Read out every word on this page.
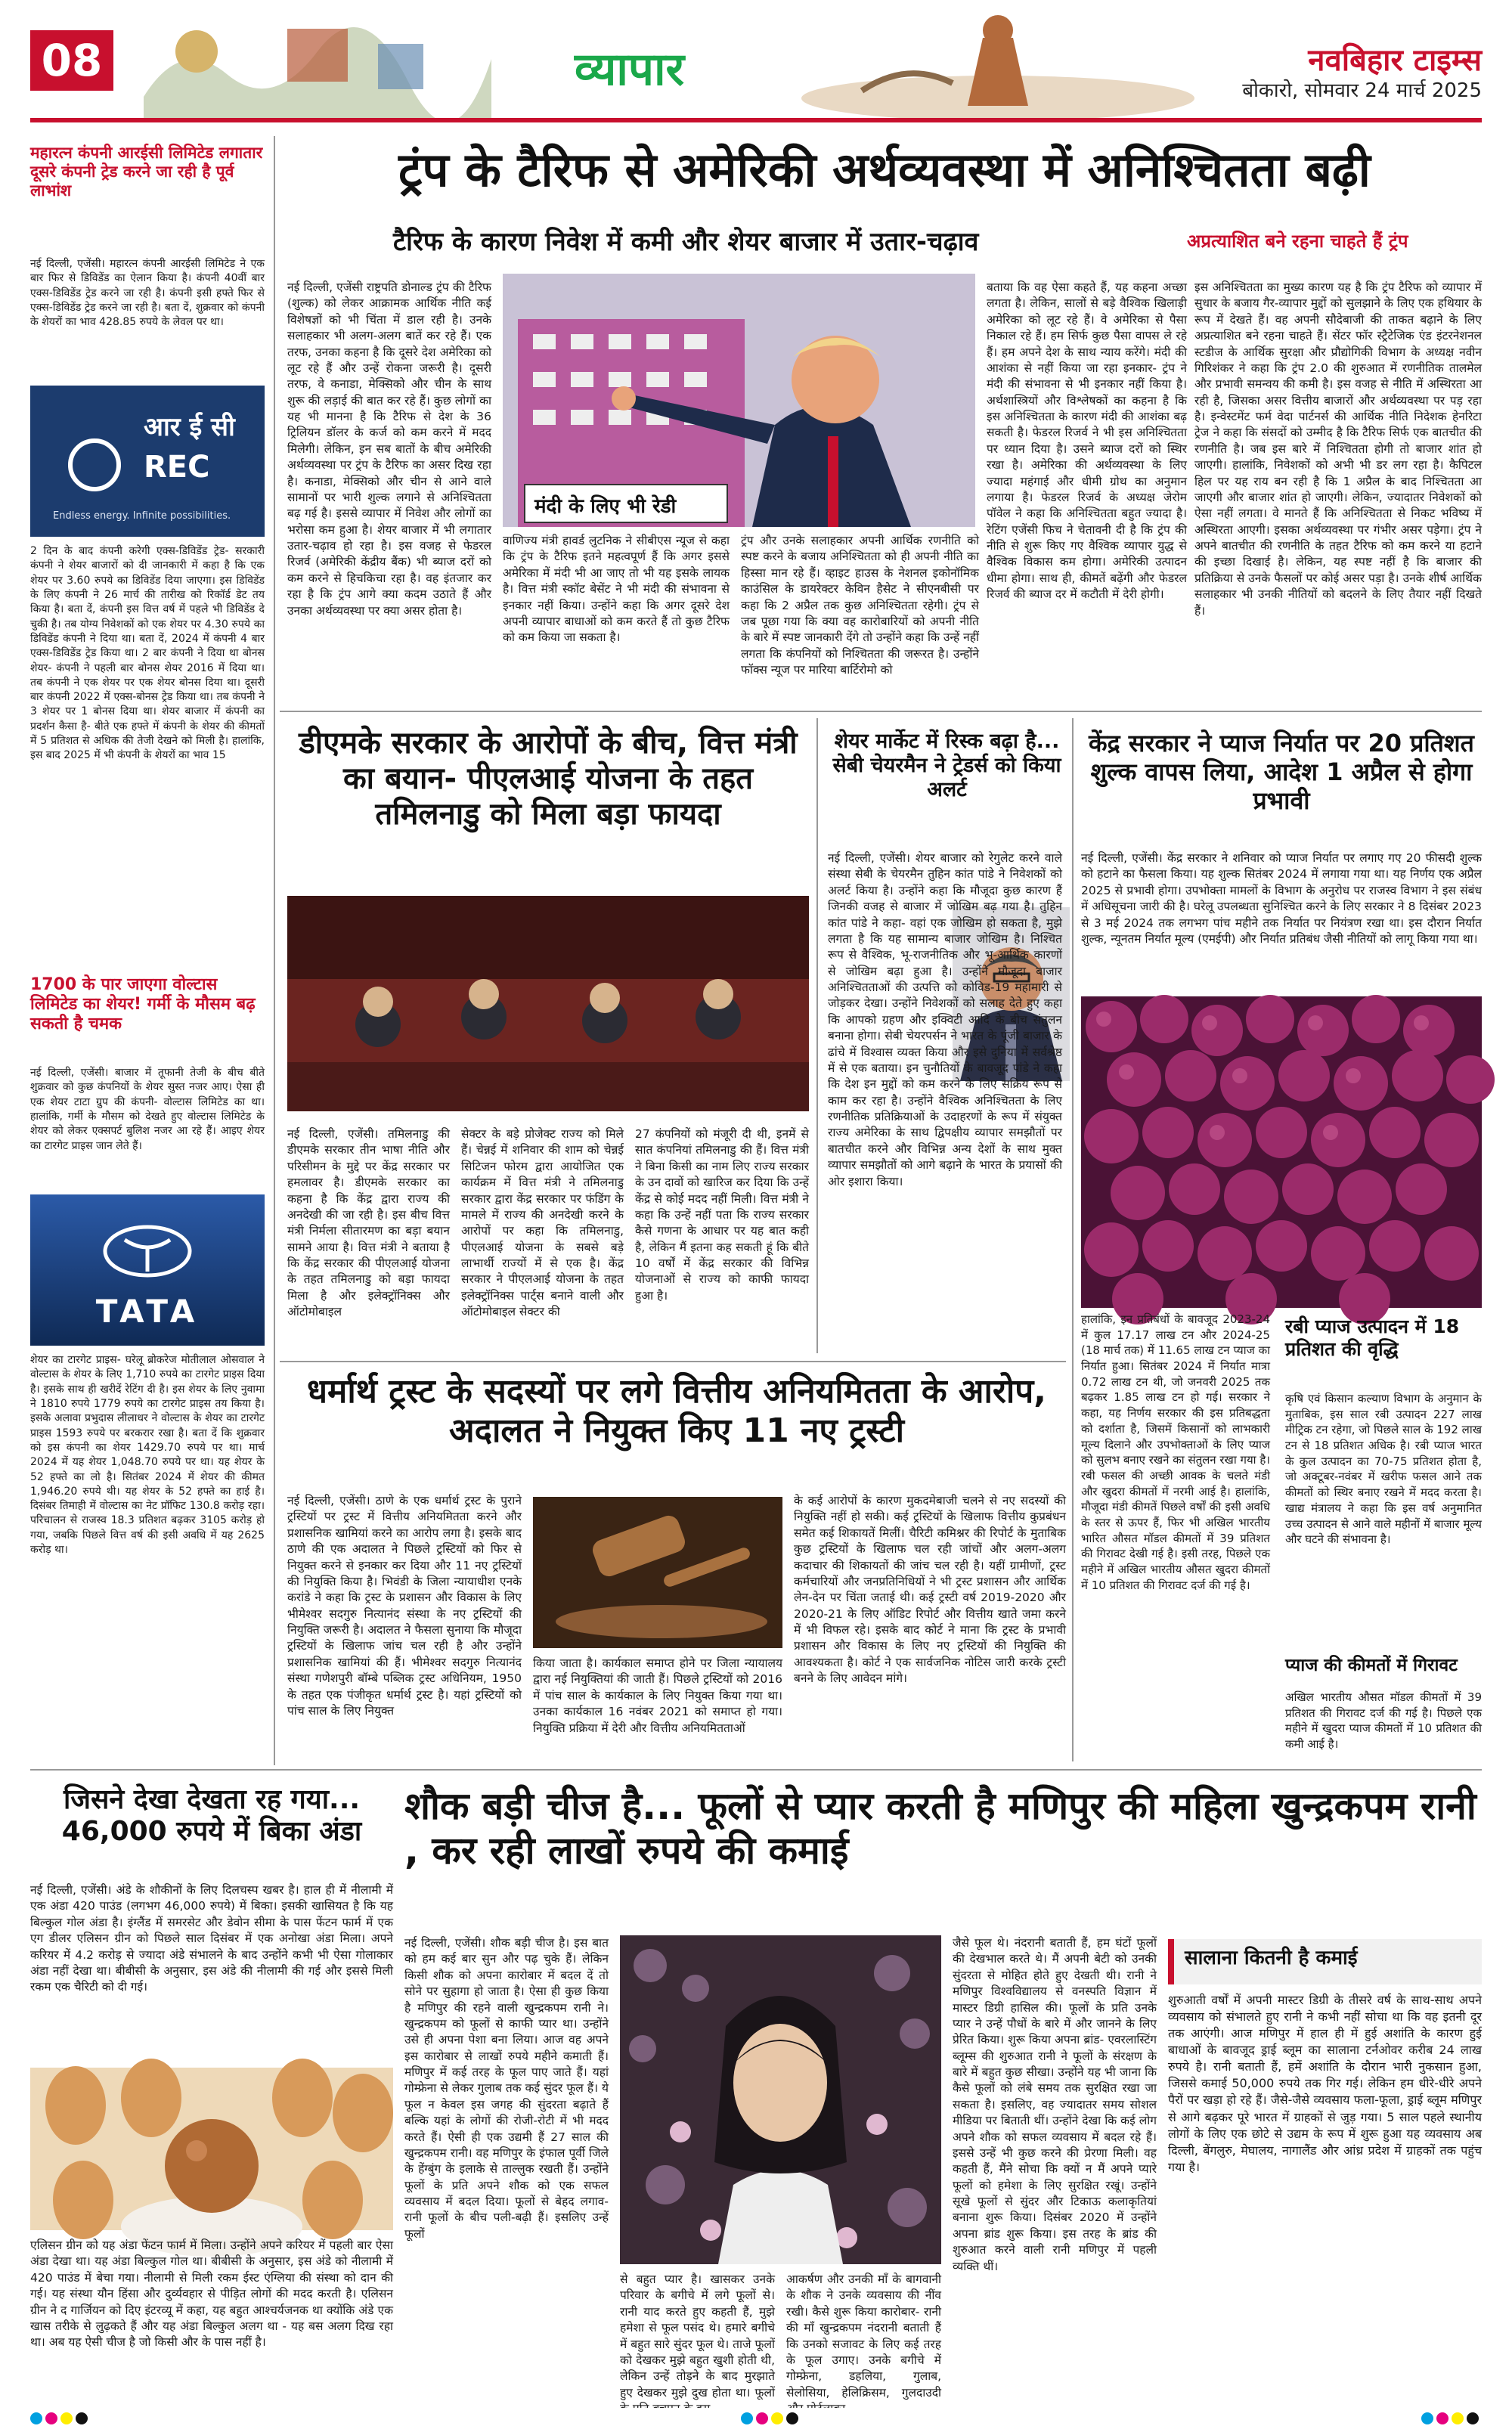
08	व्यापार	नवबिहार टाइम्स
बोकारो, सोमवार 24 मार्च 2025
महारत्न कंपनी आरईसी लिमिटेड लगातार दूसरे कंपनी ट्रेड करने जा रही है पूर्व लाभांश
नई दिल्ली, एजेंसी। महारत्न कंपनी आरईसी लिमिटेड ने एक बार फिर से डिविडेंड का ऐलान किया है। कंपनी 40वीं बार एक्स-डिविडेंड ट्रेड करने जा रही है। कंपनी इसी हफ्ते फिर से एक्स-डिविडेंड ट्रेड करने जा रही है। बता दें, शुक्रवार को कंपनी के शेयरों का भाव 428.85 रुपये के लेवल पर था।
आर ई सी
REC
Endless energy. Infinite possibilities.
2 दिन के बाद कंपनी करेगी एक्स-डिविडेंड ट्रेड- सरकारी कंपनी ने शेयर बाजारों को दी जानकारी में कहा है कि एक शेयर पर 3.60 रुपये का डिविडेंड दिया जाएगा। इस डिविडेंड के लिए कंपनी ने 26 मार्च की तारीख को रिकॉर्ड डेट तय किया है। बता दें, कंपनी इस वित्त वर्ष में पहले भी डिविडेंड दे चुकी है। तब योग्य निवेशकों को एक शेयर पर 4.30 रुपये का डिविडेंड कंपनी ने दिया था। बता दें, 2024 में कंपनी 4 बार एक्स-डिविडेंड ट्रेड किया था। 2 बार कंपनी ने दिया था बोनस शेयर- कंपनी ने पहली बार बोनस शेयर 2016 में दिया था। तब कंपनी ने एक शेयर पर एक शेयर बोनस दिया था। दूसरी बार कंपनी 2022 में एक्स-बोनस ट्रेड किया था। तब कंपनी ने 3 शेयर पर 1 बोनस दिया था। शेयर बाजार में कंपनी का प्रदर्शन कैसा है- बीते एक हफ्ते में कंपनी के शेयर की कीमतों में 5 प्रतिशत से अधिक की तेजी देखने को मिली है। हालांकि, इस बाद 2025 में भी कंपनी के शेयरों का भाव 15
1700 के पार जाएगा वोल्टास लिमिटेड का शेयर! गर्मी के मौसम बढ़ सकती है चमक
नई दिल्ली, एजेंसी। बाजार में तूफानी तेजी के बीच बीते शुक्रवार को कुछ कंपनियों के शेयर सुस्त नजर आए। ऐसा ही एक शेयर टाटा ग्रुप की कंपनी- वोल्टास लिमिटेड का था। हालांकि, गर्मी के मौसम को देखते हुए वोल्टास लिमिटेड के शेयर को लेकर एक्सपर्ट बुलिश नजर आ रहे हैं। आइए शेयर का टारगेट प्राइस जान लेते हैं।
TATA
शेयर का टारगेट प्राइस- घरेलू ब्रोकरेज मोतीलाल ओसवाल ने वोल्टास के शेयर के लिए 1,710 रुपये का टारगेट प्राइस दिया है। इसके साथ ही खरीदें रेटिंग दी है। इस शेयर के लिए नुवामा ने 1810 रुपये 1779 रुपये का टारगेट प्राइस तय किया है। इसके अलावा प्रभुदास लीलाधर ने वोल्टास के शेयर का टारगेट प्राइस 1593 रुपये पर बरकरार रखा है। बता दें कि शुक्रवार को इस कंपनी का शेयर 1429.70 रुपये पर था। मार्च 2024 में यह शेयर 1,048.70 रुपये पर था। यह शेयर के 52 हफ्ते का लो है। सितंबर 2024 में शेयर की कीमत 1,946.20 रुपये थी। यह शेयर के 52 हफ्ते का हाई है। दिसंबर तिमाही में वोल्टास का नेट प्रॉफिट 130.8 करोड़ रहा। परिचालन से राजस्व 18.3 प्रतिशत बढ़कर 3105 करोड़ हो गया, जबकि पिछले वित्त वर्ष की इसी अवधि में यह 2625 करोड़ था।
ट्रंप के टैरिफ से अमेरिकी अर्थव्यवस्था में अनिश्चितता बढ़ी
टैरिफ के कारण निवेश में कमी और शेयर बाजार में उतार-चढ़ाव	अप्रत्याशित बने रहना चाहते हैं ट्रंप
नई दिल्ली, एजेंसी राष्ट्रपति डोनाल्ड ट्रंप की टैरिफ (शुल्क) को लेकर आक्रामक आर्थिक नीति कई विशेषज्ञों को भी चिंता में डाल रही है। उनके सलाहकार भी अलग-अलग बातें कर रहे हैं। एक तरफ, उनका कहना है कि दूसरे देश अमेरिका को लूट रहे हैं और उन्हें रोकना जरूरी है। दूसरी तरफ, वे कनाडा, मेक्सिको और चीन के साथ शुरू की लड़ाई की बात कर रहे हैं। कुछ लोगों का यह भी मानना है कि टैरिफ से देश के 36 ट्रिलियन डॉलर के कर्ज को कम करने में मदद मिलेगी। लेकिन, इन सब बातों के बीच अमेरिकी अर्थव्यवस्था पर ट्रंप के टैरिफ का असर दिख रहा है। कनाडा, मेक्सिको और चीन से आने वाले सामानों पर भारी शुल्क लगाने से अनिश्चितता बढ़ गई है। इससे व्यापार में निवेश और लोगों का भरोसा कम हुआ है। शेयर बाजार में भी लगातार उतार-चढ़ाव हो रहा है। इस वजह से फेडरल रिजर्व (अमेरिकी केंद्रीय बैंक) भी ब्याज दरों को कम करने से हिचकिचा रहा है। वह इंतजार कर रहा है कि ट्रंप आगे क्या कदम उठाते हैं और उनका अर्थव्यवस्था पर क्या असर होता है।
मंदी के लिए भी रेडी
वाणिज्य मंत्री हावर्ड लुटनिक ने सीबीएस न्यूज से कहा कि ट्रंप के टैरिफ इतने महत्वपूर्ण हैं कि अगर इससे अमेरिका में मंदी भी आ जाए तो भी यह इसके लायक है। वित्त मंत्री स्कॉट बेसेंट ने भी मंदी की संभावना से इनकार नहीं किया। उन्होंने कहा कि अगर दूसरे देश अपनी व्यापार बाधाओं को कम करते हैं तो कुछ टैरिफ को कम किया जा सकता है।
ट्रंप और उनके सलाहकार अपनी आर्थिक रणनीति को स्पष्ट करने के बजाय अनिश्चितता को ही अपनी नीति का हिस्सा मान रहे हैं। व्हाइट हाउस के नेशनल इकोनॉमिक काउंसिल के डायरेक्टर केविन हैसेट ने सीएनबीसी पर कहा कि 2 अप्रैल तक कुछ अनिश्चितता रहेगी। ट्रंप से जब पूछा गया कि क्या वह कारोबारियों को अपनी नीति के बारे में स्पष्ट जानकारी देंगे तो उन्होंने कहा कि उन्हें नहीं लगता कि कंपनियों को निश्चितता की जरूरत है। उन्होंने फॉक्स न्यूज पर मारिया बार्टिरोमो को
बताया कि वह ऐसा कहते हैं, यह कहना अच्छा लगता है। लेकिन, सालों से बड़े वैश्विक खिलाड़ी अमेरिका को लूट रहे हैं। वे अमेरिका से पैसा निकाल रहे हैं। हम सिर्फ कुछ पैसा वापस ले रहे हैं। हम अपने देश के साथ न्याय करेंगे। मंदी की आशंका से नहीं किया जा रहा इनकार- ट्रंप ने मंदी की संभावना से भी इनकार नहीं किया है। अर्थशास्त्रियों और विश्लेषकों का कहना है कि इस अनिश्चितता के कारण मंदी की आशंका बढ़ सकती है। फेडरल रिजर्व ने भी इस अनिश्चितता पर ध्यान दिया है। उसने ब्याज दरों को स्थिर रखा है। अमेरिका की अर्थव्यवस्था के लिए ज्यादा महंगाई और धीमी ग्रोथ का अनुमान लगाया है। फेडरल रिजर्व के अध्यक्ष जेरोम पॉवेल ने कहा कि अनिश्चितता बहुत ज्यादा है। रेटिंग एजेंसी फिच ने चेतावनी दी है कि ट्रंप की नीति से शुरू किए गए वैश्विक व्यापार युद्ध से वैश्विक विकास कम होगा। अमेरिकी उत्पादन धीमा होगा। साथ ही, कीमतें बढ़ेंगी और फेडरल रिजर्व की ब्याज दर में कटौती में देरी होगी।
इस अनिश्चितता का मुख्य कारण यह है कि ट्रंप टैरिफ को व्यापार में सुधार के बजाय गैर-व्यापार मुद्दों को सुलझाने के लिए एक हथियार के रूप में देखते हैं। वह अपनी सौदेबाजी की ताकत बढ़ाने के लिए अप्रत्याशित बने रहना चाहते हैं। सेंटर फॉर स्ट्रैटेजिक एंड इंटरनेशनल स्टडीज के आर्थिक सुरक्षा और प्रौद्योगिकी विभाग के अध्यक्ष नवीन गिरिशंकर ने कहा कि ट्रंप 2.0 की शुरुआत में रणनीतिक तालमेल और प्रभावी समन्वय की कमी है। इस वजह से नीति में अस्थिरता आ रही है, जिसका असर वित्तीय बाजारों और अर्थव्यवस्था पर पड़ रहा है। इन्वेस्टमेंट फर्म वेदा पार्टनर्स की आर्थिक नीति निदेशक हेनरिटा ट्रेज ने कहा कि संसदों को उम्मीद है कि टैरिफ सिर्फ एक बातचीत की रणनीति है। जब इस बारे में निश्चितता होगी तो बाजार शांत हो जाएगी। हालांकि, निवेशकों को अभी भी डर लग रहा है। कैपिटल हिल पर यह राय बन रही है कि 1 अप्रैल के बाद निश्चितता आ जाएगी और बाजार शांत हो जाएगी। लेकिन, ज्यादातर निवेशकों को ऐसा नहीं लगता। वे मानते हैं कि अनिश्चितता से निकट भविष्य में अस्थिरता आएगी। इसका अर्थव्यवस्था पर गंभीर असर पड़ेगा। ट्रंप ने अपने बातचीत की रणनीति के तहत टैरिफ को कम करने या हटाने की इच्छा दिखाई है। लेकिन, यह स्पष्ट नहीं है कि बाजार की प्रतिक्रिया से उनके फैसलों पर कोई असर पड़ा है। उनके शीर्ष आर्थिक सलाहकार भी उनकी नीतियों को बदलने के लिए तैयार नहीं दिखते हैं।
डीएमके सरकार के आरोपों के बीच, वित्त मंत्री का बयान- पीएलआई योजना के तहत तमिलनाडु को मिला बड़ा फायदा
नई दिल्ली, एजेंसी। तमिलनाडु की डीएमके सरकार तीन भाषा नीति और परिसीमन के मुद्दे पर केंद्र सरकार पर हमलावर है। डीएमके सरकार का कहना है कि केंद्र द्वारा राज्य की अनदेखी की जा रही है। इस बीच वित्त मंत्री निर्मला सीतारमण का बड़ा बयान सामने आया है। वित्त मंत्री ने बताया है कि केंद्र सरकार की पीएलआई योजना के तहत तमिलनाडु को बड़ा फायदा मिला है और इलेक्ट्रॉनिक्स और ऑटोमोबाइल
सेक्टर के बड़े प्रोजेक्ट राज्य को मिले हैं। चेन्नई में शनिवार की शाम को चेन्नई सिटिजन फोरम द्वारा आयोजित एक कार्यक्रम में वित्त मंत्री ने तमिलनाडु सरकार द्वारा केंद्र सरकार पर फंडिंग के मामले में राज्य की अनदेखी करने के आरोपों पर कहा कि तमिलनाडु, पीएलआई योजना के सबसे बड़े लाभार्थी राज्यों में से एक है। केंद्र सरकार ने पीएलआई योजना के तहत इलेक्ट्रॉनिक्स पार्ट्स बनाने वाली और ऑटोमोबाइल सेक्टर की
27 कंपनियों को मंजूरी दी थी, इनमें से सात कंपनियां तमिलनाडु की हैं। वित्त मंत्री ने बिना किसी का नाम लिए राज्य सरकार के उन दावों को खारिज कर दिया कि उन्हें केंद्र से कोई मदद नहीं मिली। वित्त मंत्री ने कहा कि उन्हें नहीं पता कि राज्य सरकार कैसे गणना के आधार पर यह बात कही है, लेकिन मैं इतना कह सकती हूं कि बीते 10 वर्षों में केंद्र सरकार की विभिन्न योजनाओं से राज्य को काफी फायदा हुआ है।
शेयर मार्केट में रिस्क बढ़ा है... सेबी चेयरमैन ने ट्रेडर्स को किया अलर्ट
नई दिल्ली, एजेंसी। शेयर बाजार को रेगुलेट करने वाले संस्था सेबी के चेयरमैन तुहिन कांत पांडे ने निवेशकों को अलर्ट किया है। उन्होंने कहा कि मौजूदा कुछ कारण हैं जिनकी वजह से बाजार में जोखिम बढ़ गया है। तुहिन कांत पांडे ने कहा- वहां एक जोखिम हो सकता है, मुझे लगता है कि यह सामान्य बाजार जोखिम है। निश्चित रूप से वैश्विक, भू-राजनीतिक और भू-आर्थिक कारणों से जोखिम बढ़ा हुआ है। उन्होंने मौजूदा बाजार अनिश्चितताओं की उत्पत्ति को कोविड-19 महामारी से जोड़कर देखा। उन्होंने निवेशकों को सलाह देते हुए कहा कि आपको ग्रहण और इक्विटी आदि के बीच संतुलन बनाना होगा। सेबी चेयरपर्सन ने भारत के पूंजी बाजार के ढांचे में विश्वास व्यक्त किया और इसे दुनिया में सर्वश्रेष्ठ में से एक बताया। इन चुनौतियों के बावजूद पांडे ने कहा कि देश इन मुद्दों को कम करने के लिए सक्रिय रूप से काम कर रहा है। उन्होंने वैश्विक अनिश्चितता के लिए रणनीतिक प्रतिक्रियाओं के उदाहरणों के रूप में संयुक्त राज्य अमेरिका के साथ द्विपक्षीय व्यापार समझौतों पर बातचीत करने और विभिन्न अन्य देशों के साथ मुक्त व्यापार समझौतों को आगे बढ़ाने के भारत के प्रयासों की ओर इशारा किया।
केंद्र सरकार ने प्याज निर्यात पर 20 प्रतिशत शुल्क वापस लिया, आदेश 1 अप्रैल से होगा प्रभावी
नई दिल्ली, एजेंसी। केंद्र सरकार ने शनिवार को प्याज निर्यात पर लगाए गए 20 फीसदी शुल्क को हटाने का फैसला किया। यह शुल्क सितंबर 2024 में लगाया गया था। यह निर्णय एक अप्रैल 2025 से प्रभावी होगा। उपभोक्ता मामलों के विभाग के अनुरोध पर राजस्व विभाग ने इस संबंध में अधिसूचना जारी की है। घरेलू उपलब्धता सुनिश्चित करने के लिए सरकार ने 8 दिसंबर 2023 से 3 मई 2024 तक लगभग पांच महीने तक निर्यात पर नियंत्रण रखा था। इस दौरान निर्यात शुल्क, न्यूनतम निर्यात मूल्य (एमईपी) और निर्यात प्रतिबंध जैसी नीतियों को लागू किया गया था।
हालांकि, इन प्रतिबंधों के बावजूद 2023-24 में कुल 17.17 लाख टन और 2024-25 (18 मार्च तक) में 11.65 लाख टन प्याज का निर्यात हुआ। सितंबर 2024 में निर्यात मात्रा 0.72 लाख टन थी, जो जनवरी 2025 तक बढ़कर 1.85 लाख टन हो गई। सरकार ने कहा, यह निर्णय सरकार की इस प्रतिबद्धता को दर्शाता है, जिसमें किसानों को लाभकारी मूल्य दिलाने और उपभोक्ताओं के लिए प्याज को सुलभ बनाए रखने का संतुलन रखा गया है। रबी फसल की अच्छी आवक के चलते मंडी और खुदरा कीमतों में नरमी आई है। हालांकि, मौजूदा मंडी कीमतें पिछले वर्षों की इसी अवधि के स्तर से ऊपर हैं, फिर भी अखिल भारतीय भारित औसत मॉडल कीमतों में 39 प्रतिशत की गिरावट देखी गई है। इसी तरह, पिछले एक महीने में अखिल भारतीय औसत खुदरा कीमतों में 10 प्रतिशत की गिरावट दर्ज की गई है।
रबी प्याज उत्पादन में 18 प्रतिशत की वृद्धि
कृषि एवं किसान कल्याण विभाग के अनुमान के मुताबिक, इस साल रबी उत्पादन 227 लाख मीट्रिक टन रहेगा, जो पिछले साल के 192 लाख टन से 18 प्रतिशत अधिक है। रबी प्याज भारत के कुल उत्पादन का 70-75 प्रतिशत होता है, जो अक्टूबर-नवंबर में खरीफ फसल आने तक कीमतों को स्थिर बनाए रखने में मदद करता है। खाद्य मंत्रालय ने कहा कि इस वर्ष अनुमानित उच्च उत्पादन से आने वाले महीनों में बाजार मूल्य और घटने की संभावना है।
प्याज की कीमतों में गिरावट
अखिल भारतीय औसत मॉडल कीमतों में 39 प्रतिशत की गिरावट दर्ज की गई है। पिछले एक महीने में खुदरा प्याज कीमतों में 10 प्रतिशत की कमी आई है।
धर्मार्थ ट्रस्ट के सदस्यों पर लगे वित्तीय अनियमितता के आरोप, अदालत ने नियुक्त किए 11 नए ट्रस्टी
नई दिल्ली, एजेंसी। ठाणे के एक धर्मार्थ ट्रस्ट के पुराने ट्रस्टियों पर ट्रस्ट में वित्तीय अनियमितता करने और प्रशासनिक खामियां करने का आरोप लगा है। इसके बाद ठाणे की एक अदालत ने पिछले ट्रस्टियों को फिर से नियुक्त करने से इनकार कर दिया और 11 नए ट्रस्टियों की नियुक्ति किया है। भिवंडी के जिला न्यायाधीश एनके करांडे ने कहा कि ट्रस्ट के प्रशासन और विकास के लिए भीमेश्वर सदगुरु नित्यानंद संस्था के नए ट्रस्टियों की नियुक्ति जरूरी है। अदालत ने फैसला सुनाया कि मौजूदा ट्रस्टियों के खिलाफ जांच चल रही है और उन्होंने प्रशासनिक खामियां की हैं। भीमेश्वर सदगुरु नित्यानंद संस्था गणेशपुरी बॉम्बे पब्लिक ट्रस्ट अधिनियम, 1950 के तहत एक पंजीकृत धर्मार्थ ट्रस्ट है। यहां ट्रस्टियों को पांच साल के लिए नियुक्त
किया जाता है। कार्यकाल समाप्त होने पर जिला न्यायालय द्वारा नई नियुक्तियां की जाती हैं। पिछले ट्रस्टियों को 2016 में पांच साल के कार्यकाल के लिए नियुक्त किया गया था। उनका कार्यकाल 16 नवंबर 2021 को समाप्त हो गया। नियुक्ति प्रक्रिया में देरी और वित्तीय अनियमितताओं
के कई आरोपों के कारण मुकदमेबाजी चलने से नए सदस्यों की नियुक्ति नहीं हो सकी। कई ट्रस्टियों के खिलाफ वित्तीय कुप्रबंधन समेत कई शिकायतें मिलीं। चैरिटी कमिश्नर की रिपोर्ट के मुताबिक कुछ ट्रस्टियों के खिलाफ चल रही जांचों और अलग-अलग कदाचार की शिकायतों की जांच चल रही है। यहीं ग्रामीणों, ट्रस्ट कर्मचारियों और जनप्रतिनिधियों ने भी ट्रस्ट प्रशासन और आर्थिक लेन-देन पर चिंता जताई थी। कई ट्रस्टी वर्ष 2019-2020 और 2020-21 के लिए ऑडिट रिपोर्ट और वित्तीय खाते जमा करने में भी विफल रहे। इसके बाद कोर्ट ने माना कि ट्रस्ट के प्रभावी प्रशासन और विकास के लिए नए ट्रस्टियों की नियुक्ति की आवश्यकता है। कोर्ट ने एक सार्वजनिक नोटिस जारी करके ट्रस्टी बनने के लिए आवेदन मांगे।
जिसने देखा देखता रह गया... 46,000 रुपये में बिका अंडा
नई दिल्ली, एजेंसी। अंडे के शौकीनों के लिए दिलचस्प खबर है। हाल ही में नीलामी में एक अंडा 420 पाउंड (लगभग 46,000 रुपये) में बिका। इसकी खासियत है कि यह बिल्कुल गोल अंडा है। इंग्लैंड में समरसेट और डेवोन सीमा के पास फेंटन फार्म में एक एग डीलर एलिसन ग्रीन को पिछले साल दिसंबर में एक अनोखा अंडा मिला। अपने करियर में 4.2 करोड़ से ज्यादा अंडे संभालने के बाद उन्होंने कभी भी ऐसा गोलाकार अंडा नहीं देखा था। बीबीसी के अनुसार, इस अंडे की नीलामी की गई और इससे मिली रकम एक चैरिटी को दी गई।
एलिसन ग्रीन को यह अंडा फेंटन फार्म में मिला। उन्होंने अपने करियर में पहली बार ऐसा अंडा देखा था। यह अंडा बिल्कुल गोल था। बीबीसी के अनुसार, इस अंडे को नीलामी में 420 पाउंड में बेचा गया। नीलामी से मिली रकम ईस्ट एंग्लिया की संस्था को दान की गई। यह संस्था यौन हिंसा और दुर्व्यवहार से पीड़ित लोगों की मदद करती है। एलिसन ग्रीन ने द गार्जियन को दिए इंटरव्यू में कहा, यह बहुत आश्चर्यजनक था क्योंकि अंडे एक खास तरीके से लुढ़कते हैं और यह अंडा बिल्कुल अलग था - यह बस अलग दिख रहा था। अब यह ऐसी चीज है जो किसी और के पास नहीं है।
शौक बड़ी चीज है... फूलों से प्यार करती है मणिपुर की महिला खुन्द्रकपम रानी , कर रही लाखों रुपये की कमाई
नई दिल्ली, एजेंसी। शौक बड़ी चीज है। इस बात को हम कई बार सुन और पढ़ चुके हैं। लेकिन किसी शौक को अपना कारोबार में बदल दें तो सोने पर सुहागा हो जाता है। ऐसा ही कुछ किया है मणिपुर की रहने वाली खुन्द्रकपम रानी ने। खुन्द्रकपम को फूलों से काफी प्यार था। उन्होंने उसे ही अपना पेशा बना लिया। आज वह अपने इस कारोबार से लाखों रुपये महीने कमाती हैं। मणिपुर में कई तरह के फूल पाए जाते हैं। यहां गोम्फ्रेना से लेकर गुलाब तक कई सुंदर फूल हैं। ये फूल न केवल इस जगह की सुंदरता बढ़ाते हैं बल्कि यहां के लोगों की रोजी-रोटी में भी मदद करते हैं। ऐसी ही एक उद्यमी हैं 27 साल की खुन्द्रकपम रानी। वह मणिपुर के इंफाल पूर्वी जिले के हेंग्बुंग के इलाके से ताल्लुक रखती हैं। उन्होंने फूलों के प्रति अपने शौक को एक सफल व्यवसाय में बदल दिया। फूलों से बेहद लगाव- रानी फूलों के बीच पली-बढ़ी हैं। इसलिए उन्हें फूलों
से बहुत प्यार है। खासकर उनके परिवार के बगीचे में लगे फूलों से। रानी याद करते हुए कहती हैं, मुझे हमेशा से फूल पसंद थे। हमारे बगीचे में बहुत सारे सुंदर फूल थे। ताजे फूलों को देखकर मुझे बहुत खुशी होती थी, लेकिन उन्हें तोड़ने के बाद मुरझाते हुए देखकर मुझे दुख होता था। फूलों
आकर्षण और उनकी माँ के बागवानी के शौक ने उनके व्यवसाय की नींव रखी। कैसे शुरू किया कारोबार- रानी की माँ खुन्द्रकपम नंदरानी बताती हैं कि उनको सजावट के लिए कई तरह के फूल उगाए। उनके बगीचे में गोम्फ्रेना, डहलिया, गुलाब, सेलोसिया, हेलिक्रिसम, गुलदाउदी
जैसे फूल थे। नंदरानी बताती हैं, हम घंटों फूलों की देखभाल करते थे। मैं अपनी बेटी को उनकी सुंदरता से मोहित होते हुए देखती थी। रानी ने मणिपुर विश्वविद्यालय से वनस्पति विज्ञान में मास्टर डिग्री हासिल की। फूलों के प्रति उनके प्यार ने उन्हें पौधों के बारे में और जानने के लिए प्रेरित किया। शुरू किया अपना ब्रांड- एवरलास्टिंग ब्लूम्स की शुरुआत रानी ने फूलों के संरक्षण के बारे में बहुत कुछ सीखा। उन्होंने यह भी जाना कि कैसे फूलों को लंबे समय तक सुरक्षित रखा जा सकता है। इसलिए, वह ज्यादातर समय सोशल मीडिया पर बिताती थीं। उन्होंने देखा कि कई लोग अपने शौक को सफल व्यवसाय में बदल रहे हैं। इससे उन्हें भी कुछ करने की प्रेरणा मिली। वह कहती हैं, मैंने सोचा कि क्यों न मैं अपने प्यारे फूलों को हमेशा के लिए सुरक्षित रखूं। उन्होंने सूखे फूलों से सुंदर और टिकाऊ कलाकृतियां बनाना शुरू किया। दिसंबर 2020 में उन्होंने अपना ब्रांड शुरू किया। इस तरह के ब्रांड की शुरुआत करने वाली रानी मणिपुर में पहली व्यक्ति थीं।
सालाना कितनी है कमाई
शुरुआती वर्षों में अपनी मास्टर डिग्री के तीसरे वर्ष के साथ-साथ अपने व्यवसाय को संभालते हुए रानी ने कभी नहीं सोचा था कि वह इतनी दूर तक आएंगी। आज मणिपुर में हाल ही में हुई अशांति के कारण हुई बाधाओं के बावजूद ड्राई ब्लूम का सालाना टर्नओवर करीब 24 लाख रुपये है। रानी बताती हैं, हमें अशांति के दौरान भारी नुकसान हुआ, जिससे कमाई 50,000 रुपये तक गिर गई। लेकिन हम धीरे-धीरे अपने पैरों पर खड़ा हो रहे हैं। जैसे-जैसे व्यवसाय फला-फूला, ड्राई ब्लूम मणिपुर से आगे बढ़कर पूरे भारत में ग्राहकों से जुड़ गया। 5 साल पहले स्थानीय लोगों के लिए एक छोटे से उद्यम के रूप में शुरू हुआ यह व्यवसाय अब दिल्ली, बेंगलुरु, मेघालय, नागालैंड और आंध्र प्रदेश में ग्राहकों तक पहुंच गया है।
